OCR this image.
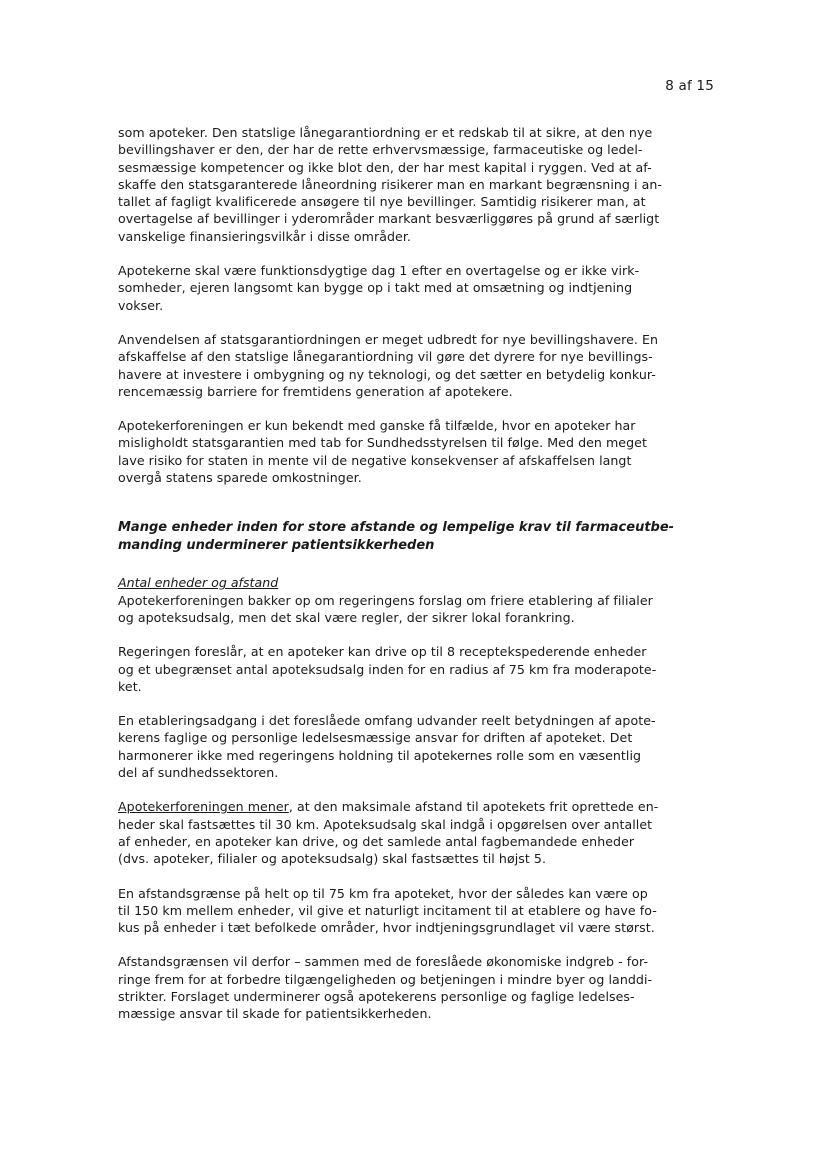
8 af 15

som apoteker. Den statslige lånegarantiordning er et redskab til at sikre, at den nye
bevillingshaver er den, der har de rette erhvervsmæssige, farmaceutiske og ledel-
sesmæssige kompetencer og ikke blot den, der har mest kapital i ryggen. Ved at af-
skaffe den statsgaranterede låneordning risikerer man en markant begrænsning i an-
tallet af fagligt kvalificerede ansøgere til nye bevillinger. Samtidig risikerer man, at
overtagelse af bevillinger i yderområder markant besværliggøres på grund af særligt
vanskelige finansieringsvilkår i disse områder.

Apotekerne skal være funktionsdygtige dag 1 efter en overtagelse og er ikke virk-
somheder, ejeren langsomt kan bygge op i takt med at omsætning og indtjening
vokser.

Anvendelsen af statsgarantiordningen er meget udbredt for nye bevillingshavere. En
afskaffelse af den statslige lånegarantiordning vil gøre det dyrere for nye bevillings-
havere at investere i ombygning og ny teknologi, og det sætter en betydelig konkur-
rencemæssig barriere for fremtidens generation af apotekere.

Apotekerforeningen er kun bekendt med ganske få tilfælde, hvor en apoteker har
misligholdt statsgarantien med tab for Sundhedsstyrelsen til følge. Med den meget
lave risiko for staten in mente vil de negative konsekvenser af afskaffelsen langt
overgå statens sparede omkostninger.

Mange enheder inden for store afstande og lempelige krav til farmaceutbe-
manding underminerer patientsikkerheden
Antal enheder og afstand

Apotekerforeningen bakker op om regeringens forslag om friere etablering af filialer
og apoteksudsalg, men det skal være regler, der sikrer lokal forankring.

Regeringen foreslår, at en apoteker kan drive op til 8 receptekspederende enheder
og et ubegrænset antal apoteksudsalg inden for en radius af 75 km fra moderapote-
ket.

En etableringsadgang i det foreslåede omfang udvander reelt betydningen af apote-
kerens faglige og personlige ledelsesmæssige ansvar for driften af apoteket. Det
harmonerer ikke med regeringens holdning til apotekernes rolle som en væsentlig
del af sundhedssektoren.

Apotekerforeningen mener, at den maksimale afstand til apotekets frit oprettede en-
heder skal fastsættes til 30 km. Apoteksudsalg skal indgå i opgørelsen over antallet
af enheder, en apoteker kan drive, og det samlede antal fagbemandede enheder
(dvs. apoteker, filialer og apoteksudsalg) skal fastsættes til højst 5.

En afstandsgrænse på helt op til 75 km fra apoteket, hvor der således kan være op
til 150 km mellem enheder, vil give et naturligt incitament til at etablere og have fo-
kus på enheder i tæt befolkede områder, hvor indtjeningsgrundlaget vil være størst.

Afstandsgrænsen vil derfor – sammen med de foreslåede økonomiske indgreb - for-
ringe frem for at forbedre tilgængeligheden og betjeningen i mindre byer og landdi-
strikter. Forslaget underminerer også apotekerens personlige og faglige ledelses-
mæssige ansvar til skade for patientsikkerheden.
